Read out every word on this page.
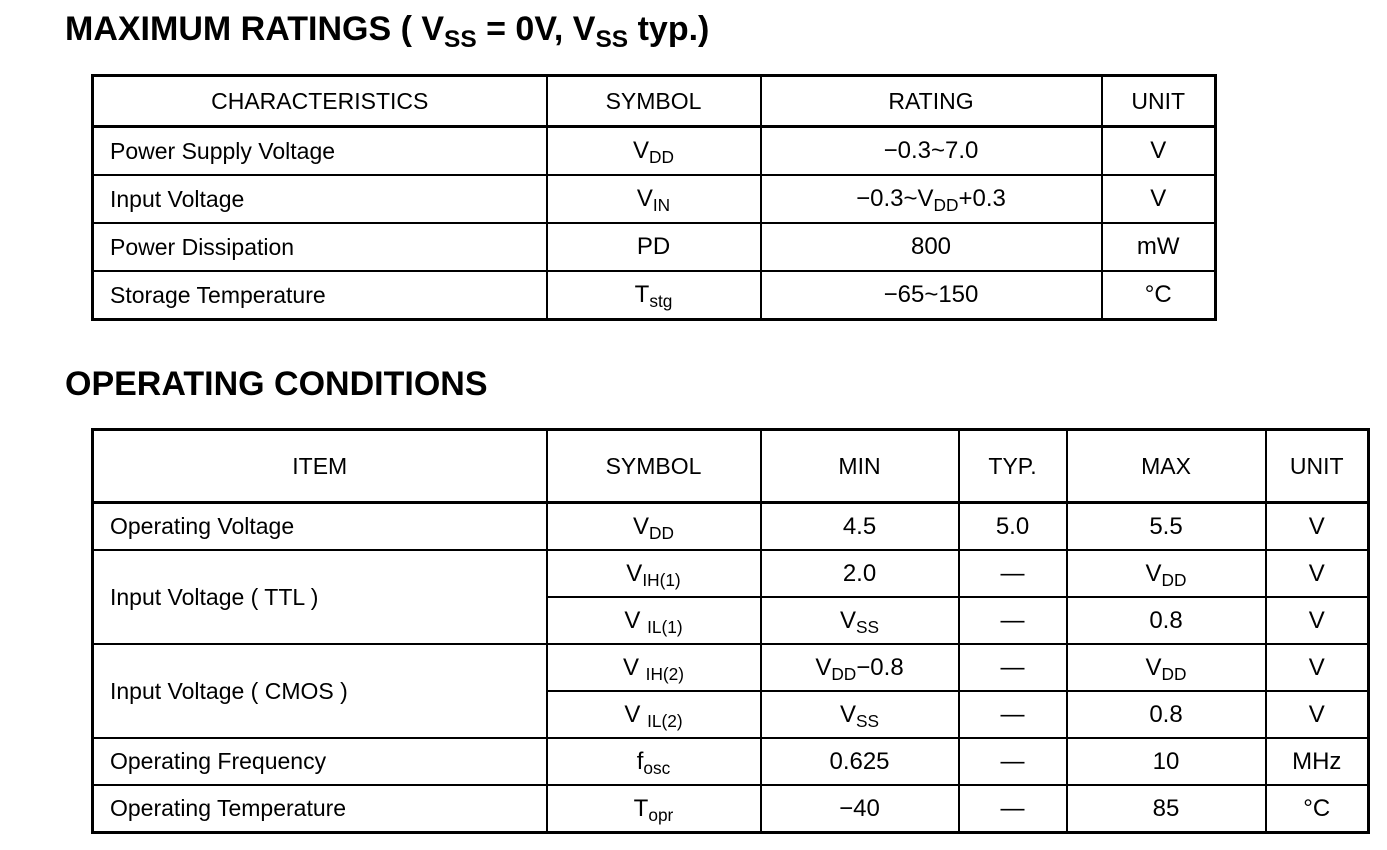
MAXIMUM RATINGS ( $V_{SS} = 0V$, $V_{SS}$ typ.)
CHARACTERISTICS	SYMBOL	RATING	UNIT
Power Supply Voltage	$V_{DD}$	−0.3~7.0	V
Input Voltage	$V_{IN}$	$-0.3\sim V_{DD}+0.3$	V
Power Dissipation	PD	800	mW
Storage Temperature	$T_{stg}$	−65~150	°C
OPERATING CONDITIONS
ITEM	SYMBOL	MIN	TYP.	MAX	UNIT
Operating Voltage	$V_{DD}$	4.5	5.0	5.5	V
Input Voltage ( TTL )	$V_{IH(1)}$	2.0	—	$V_{DD}$	V
	V $_{IL(1)}$	$V_{SS}$	—	0.8	V
Input Voltage ( CMOS )	V $_{IH(2)}$	$V_{DD}-0.8$	—	$V_{DD}$	V
	V $_{IL(2)}$	$V_{SS}$	—	0.8	V
Operating Frequency	$f_{osc}$	0.625	—	10	MHz
Operating Temperature	$T_{opr}$	−40	—	85	°C
